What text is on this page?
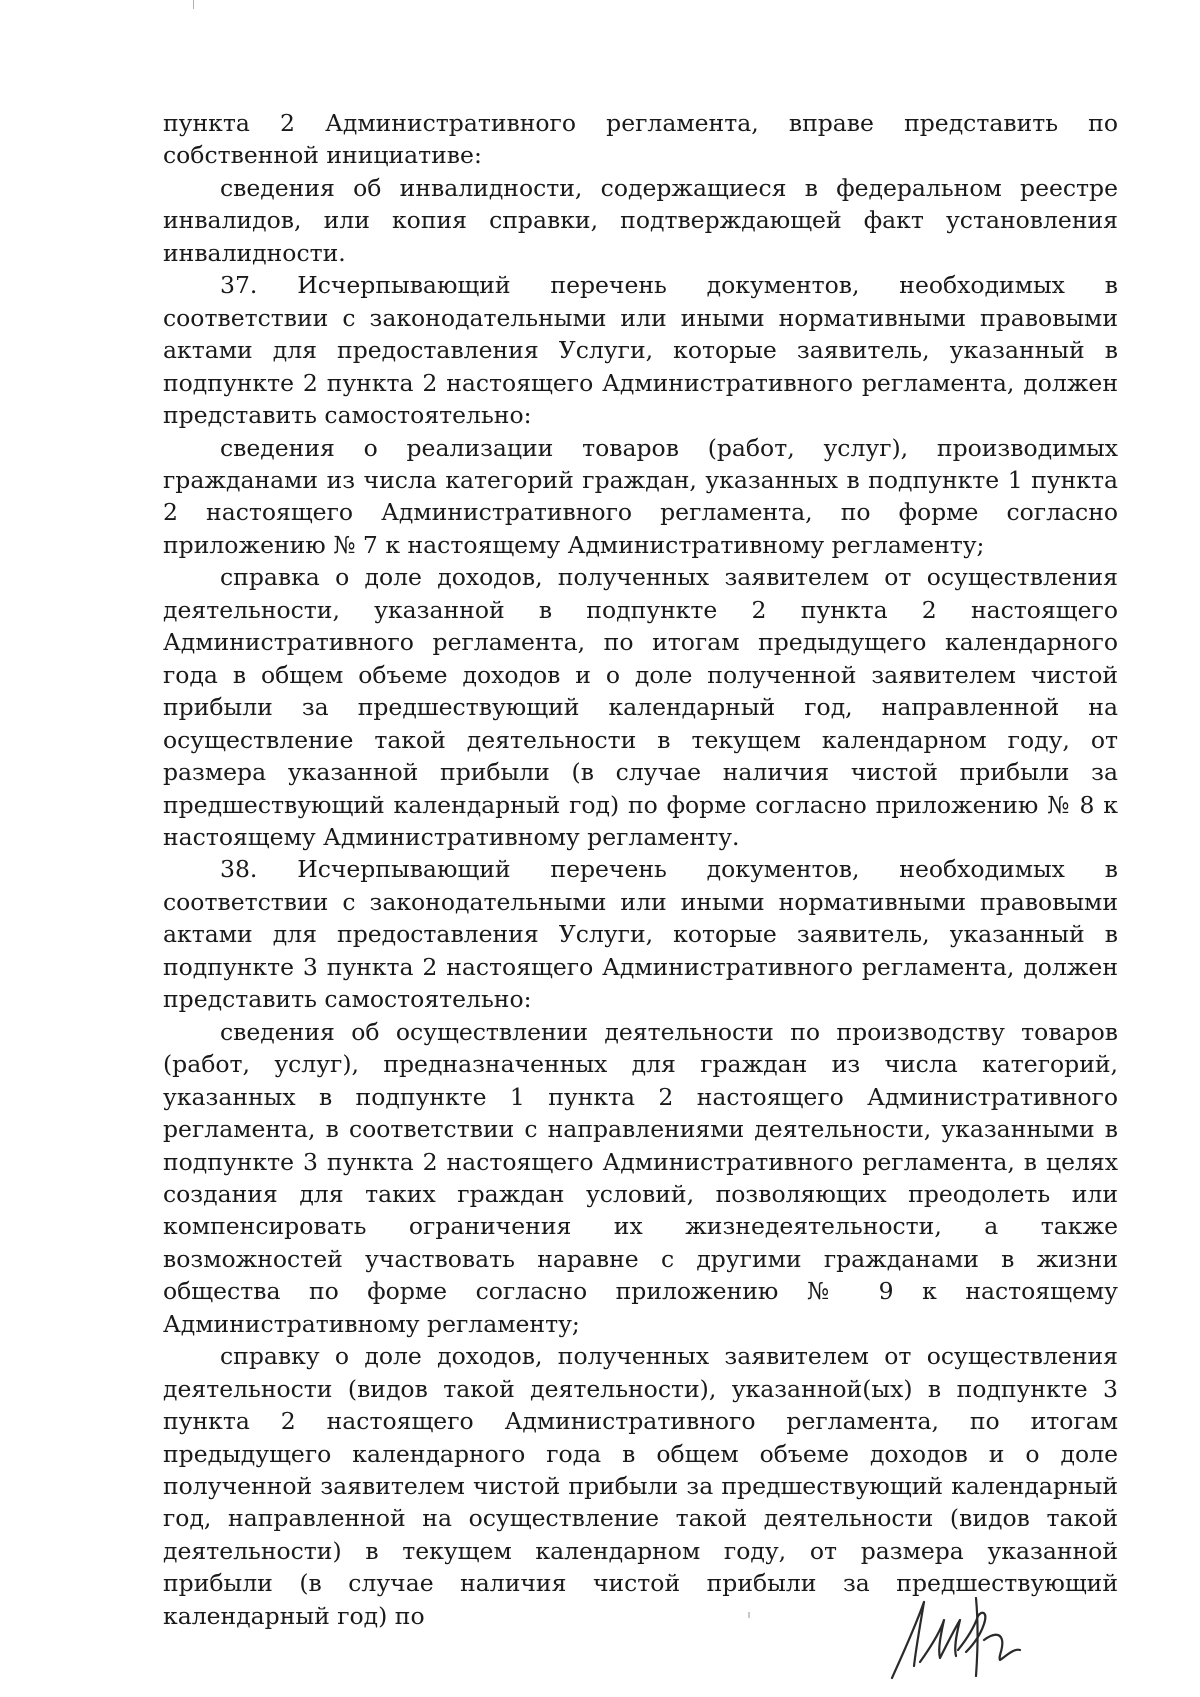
пункта 2 Административного регламента, вправе представить по собственной инициативе:

сведения об инвалидности, содержащиеся в федеральном реестре инвалидов, или копия справки, подтверждающей факт установления инвалидности.

37. Исчерпывающий перечень документов, необходимых в соответствии с законодательными или иными нормативными правовыми актами для предоставления Услуги, которые заявитель, указанный в подпункте 2 пункта 2 настоящего Административного регламента, должен представить самостоятельно:

сведения о реализации товаров (работ, услуг), производимых гражданами из числа категорий граждан, указанных в подпункте 1 пункта 2 настоящего Административного регламента, по форме согласно приложению № 7 к настоящему Административному регламенту;

справка о доле доходов, полученных заявителем от осуществления деятельности, указанной в подпункте 2 пункта 2 настоящего Административного регламента, по итогам предыдущего календарного года в общем объеме доходов и о доле полученной заявителем чистой прибыли за предшествующий календарный год, направленной на осуществление такой деятельности в текущем календарном году, от размера указанной прибыли (в случае наличия чистой прибыли за предшествующий календарный год) по форме согласно приложению № 8 к настоящему Административному регламенту.

38. Исчерпывающий перечень документов, необходимых в соответствии с законодательными или иными нормативными правовыми актами для предоставления Услуги, которые заявитель, указанный в подпункте 3 пункта 2 настоящего Административного регламента, должен представить самостоятельно:

сведения об осуществлении деятельности по производству товаров (работ, услуг), предназначенных для граждан из числа категорий, указанных в подпункте 1 пункта 2 настоящего Административного регламента, в соответствии с направлениями деятельности, указанными в подпункте 3 пункта 2 настоящего Административного регламента, в целях создания для таких граждан условий, позволяющих преодолеть или компенсировать ограничения их жизнедеятельности, а также возможностей участвовать наравне с другими гражданами в жизни общества по форме согласно приложению № 9 к настоящему Административному регламенту;

справку о доле доходов, полученных заявителем от осуществления деятельности (видов такой деятельности), указанной(ых) в подпункте 3 пункта 2 настоящего Административного регламента, по итогам предыдущего календарного года в общем объеме доходов и о доле полученной заявителем чистой прибыли за предшествующий календарный год, направленной на осуществление такой деятельности (видов такой деятельности) в текущем календарном году, от размера указанной прибыли (в случае наличия чистой прибыли за предшествующий календарный год) по
